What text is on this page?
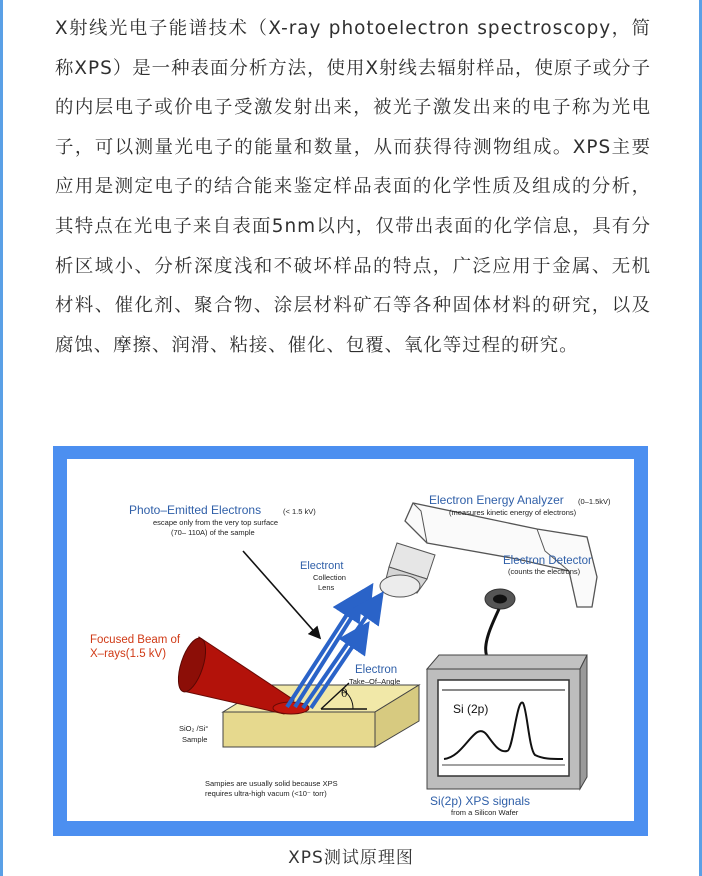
X射线光电子能谱技术（X-ray photoelectron spectroscopy，简称XPS）是一种表面分析方法，使用X射线去辐射样品，使原子或分子的内层电子或价电子受激发射出来，被光子激发出来的电子称为光电子，可以测量光电子的能量和数量，从而获得待测物组成。XPS主要应用是测定电子的结合能来鉴定样品表面的化学性质及组成的分析，其特点在光电子来自表面5nm以内，仅带出表面的化学信息，具有分析区域小、分析深度浅和不破坏样品的特点，广泛应用于金属、无机材料、催化剂、聚合物、涂层材料矿石等各种固体材料的研究，以及腐蚀、摩擦、润滑、粘接、催化、包覆、氧化等过程的研究。

θ
Photo–Emitted Electrons	(< 1.5 kV)
escape only from the very top surface
(70– 110A) of the sample
Electron Energy Analyzer (0–1.5kV)
(measures kinetic energy of electrons)
Electront
Collection
Lens
Electron Detector
(counts the electrons)
Focused Beam of
X–rays(1.5 kV)
Electron
Take–Of–Angle
SiO₂ /Si°
Sample
Si (2p)
Si(2p) XPS signals
from a Silicon Wafer
Sampies are usually solid because XPS
requires ultra-high vacum (<10⁻ torr)
XPS测试原理图
